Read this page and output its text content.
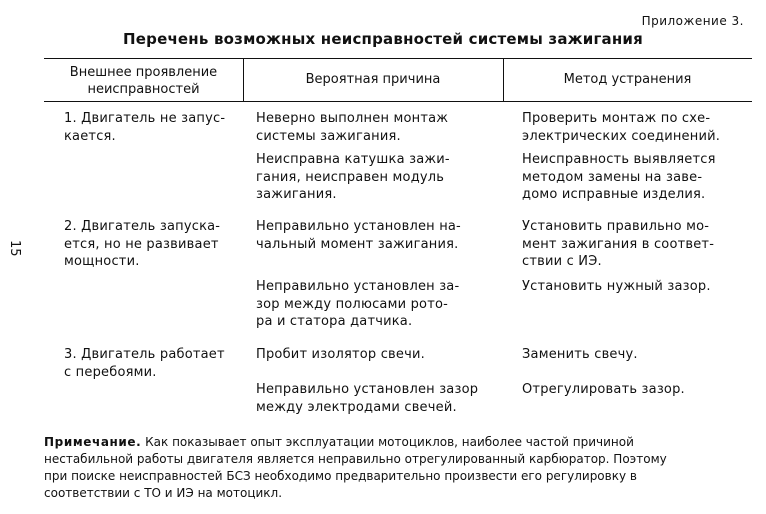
Приложение 3.
Перечень возможных неисправностей системы зажигания
15
Внешнее проявление
неисправностей
Вероятная причина	Метод устранения
1. Двигатель не запус-
кается.
Неверно выполнен монтаж
системы зажигания.
Проверить монтаж по схе-
электрических соединений.
Неисправна катушка зажи-
гания, неисправен модуль
зажигания.
Неисправность выявляется
методом замены на заве-
домо исправные изделия.
2. Двигатель запуска-
ется, но не развивает
мощности.
Неправильно установлен на-
чальный момент зажигания.
Установить правильно мо-
мент зажигания в соответ-
ствии с ИЭ.
Неправильно установлен за-
зор между полюсами рото-
ра и статора датчика.
Установить нужный зазор.
3. Двигатель работает
с перебоями.
Пробит изолятор свечи.	Заменить свечу.
Неправильно установлен зазор
между электродами свечей.
Отрегулировать зазор.
Примечание. Как показывает опыт эксплуатации мотоциклов, наиболее частой причиной
нестабильной работы двигателя является неправильно отрегулированный карбюратор. Поэтому
при поиске неисправностей БСЗ необходимо предварительно произвести его регулировку в
соответствии с ТО и ИЭ на мотоцикл.
